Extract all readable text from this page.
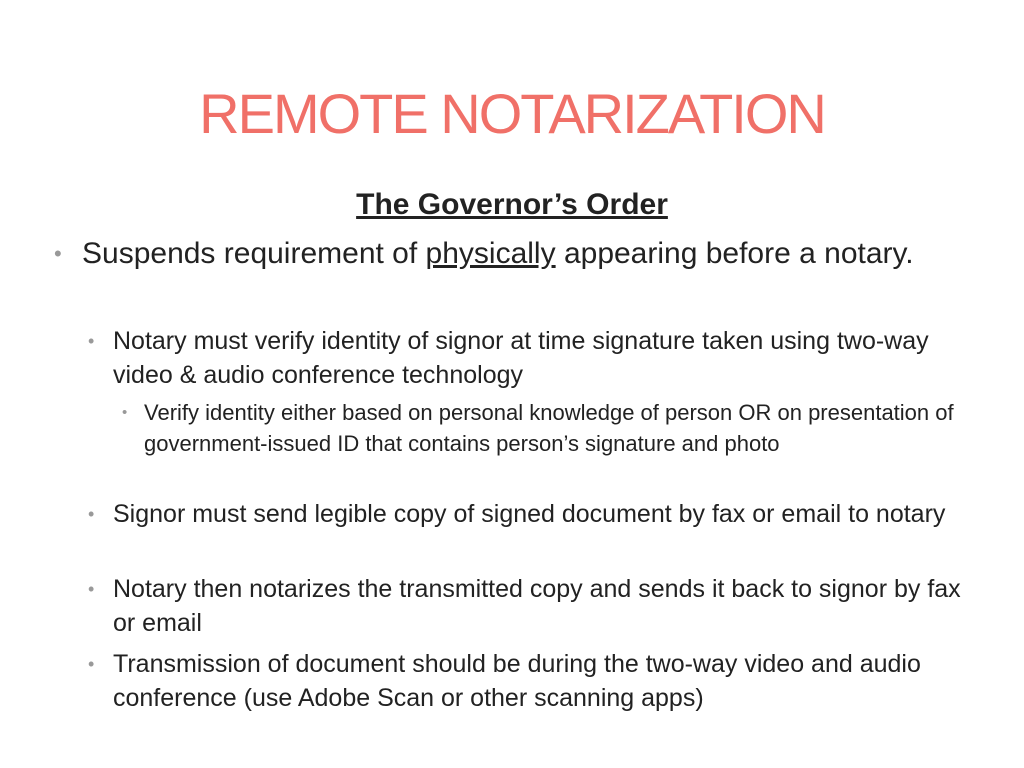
REMOTE NOTARIZATION
The Governor’s Order
• Suspends requirement of physically appearing before a notary.
• Notary must verify identity of signor at time signature taken using two-way video & audio conference technology
• Verify identity either based on personal knowledge of person OR on presentation of government-issued ID that contains person’s signature and photo
• Signor must send legible copy of signed document by fax or email to notary
• Notary then notarizes the transmitted copy and sends it back to signor by fax or email
• Transmission of document should be during the two-way video and audio conference (use Adobe Scan or other scanning apps)
